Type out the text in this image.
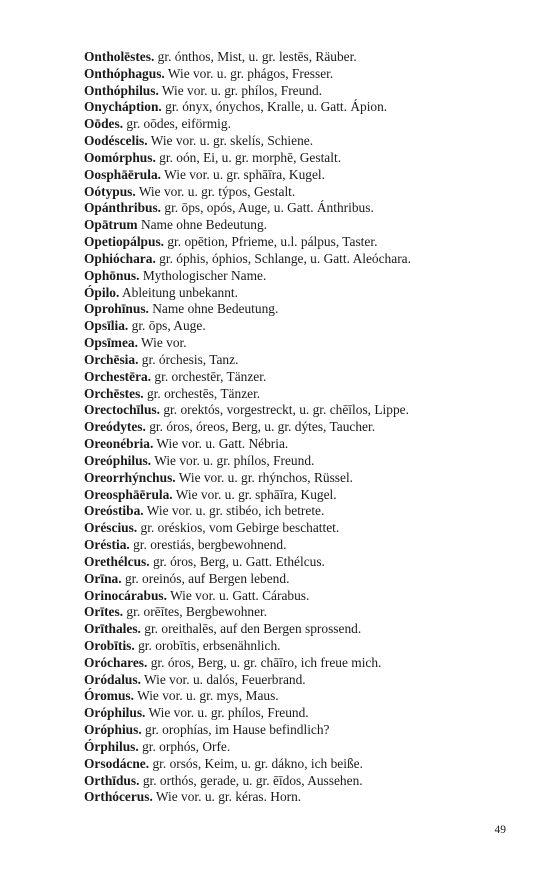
Ontholēstes. gr. ónthos, Mist, u. gr. lestēs, Räuber.
Onthóphagus. Wie vor. u. gr. phágos, Fresser.
Onthóphilus. Wie vor. u. gr. phílos, Freund.
Onycháption. gr. ónyx, ónychos, Kralle, u. Gatt. Ápion.
Oōdes. gr. oōdes, eiförmig.
Oodéscelis. Wie vor. u. gr. skelís, Schiene.
Oomórphus. gr. oón, Ei, u. gr. morphē, Gestalt.
Oosphāērula. Wie vor. u. gr. sphāīra, Kugel.
Oótypus. Wie vor. u. gr. týpos, Gestalt.
Opánthribus. gr. ōps, opós, Auge, u. Gatt. Ánthribus.
Opātrum Name ohne Bedeutung.
Opetiopálpus. gr. opētion, Pfrieme, u.l. pálpus, Taster.
Ophióchara. gr. óphis, óphios, Schlange, u. Gatt. Aleóchara.
Ophōnus. Mythologischer Name.
Ópilo. Ableitung unbekannt.
Oprohīnus. Name ohne Bedeutung.
Opsīlia. gr. ōps, Auge.
Opsīmea. Wie vor.
Orchēsia. gr. órchesis, Tanz.
Orchestēra. gr. orchestēr, Tänzer.
Orchēstes. gr. orchestēs, Tänzer.
Orectochīlus. gr. orektós, vorgestreckt, u. gr. chēīlos, Lippe.
Oreódytes. gr. óros, óreos, Berg, u. gr. dýtes, Taucher.
Oreonébria. Wie vor. u. Gatt. Nébria.
Oreóphilus. Wie vor. u. gr. phílos, Freund.
Oreorrhýnchus. Wie vor. u. gr. rhýnchos, Rüssel.
Oreosphāērula. Wie vor. u. gr. sphāīra, Kugel.
Oreóstiba. Wie vor. u. gr. stibéo, ich betrete.
Oréscius. gr. oréskios, vom Gebirge beschattet.
Oréstia. gr. orestiás, bergbewohnend.
Orethélcus. gr. óros, Berg, u. Gatt. Ethélcus.
Orīna. gr. oreinós, auf Bergen lebend.
Orinocárabus. Wie vor. u. Gatt. Cárabus.
Orītes. gr. orēītes, Bergbewohner.
Orīthales. gr. oreithalēs, auf den Bergen sprossend.
Orobītis. gr. orobītis, erbsenähnlich.
Oróchares. gr. óros, Berg, u. gr. chāīro, ich freue mich.
Oródalus. Wie vor. u. dalós, Feuerbrand.
Óromus. Wie vor. u. gr. mys, Maus.
Oróphilus. Wie vor. u. gr. phílos, Freund.
Oróphius. gr. orophías, im Hause befindlich?
Órphilus. gr. orphós, Orfe.
Orsodácne. gr. orsós, Keim, u. gr. dákno, ich beiße.
Orthīdus. gr. orthós, gerade, u. gr. ēīdos, Aussehen.
Orthócerus. Wie vor. u. gr. kéras. Horn.
49
